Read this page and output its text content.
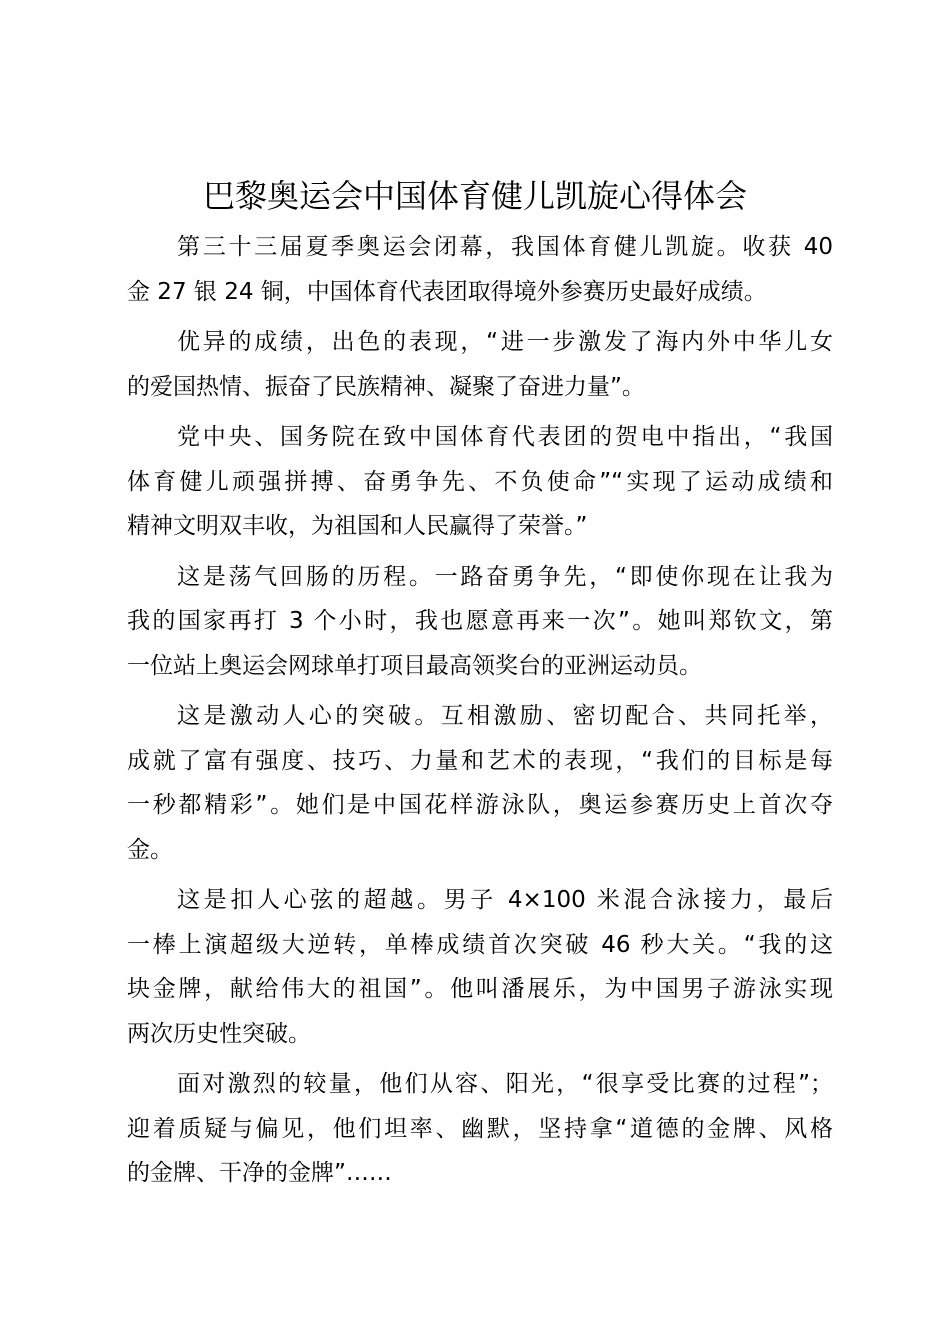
巴黎奥运会中国体育健儿凯旋心得体会

第三十三届夏季奥运会闭幕，我国体育健儿凯旋。收获 40
金 27 银 24 铜，中国体育代表团取得境外参赛历史最好成绩。

优异的成绩，出色的表现，“进一步激发了海内外中华儿女
的爱国热情、振奋了民族精神、凝聚了奋进力量”。

党中央、国务院在致中国体育代表团的贺电中指出，“我国
体育健儿顽强拼搏、奋勇争先、不负使命”“实现了运动成绩和
精神文明双丰收，为祖国和人民赢得了荣誉。”

这是荡气回肠的历程。一路奋勇争先，“即使你现在让我为
我的国家再打 3 个小时，我也愿意再来一次”。她叫郑钦文，第
一位站上奥运会网球单打项目最高领奖台的亚洲运动员。

这是激动人心的突破。互相激励、密切配合、共同托举，
成就了富有强度、技巧、力量和艺术的表现，“我们的目标是每
一秒都精彩”。她们是中国花样游泳队，奥运参赛历史上首次夺
金。

这是扣人心弦的超越。男子 4×100 米混合泳接力，最后
一棒上演超级大逆转，单棒成绩首次突破 46 秒大关。“我的这
块金牌，献给伟大的祖国”。他叫潘展乐，为中国男子游泳实现
两次历史性突破。

面对激烈的较量，他们从容、阳光，“很享受比赛的过程”；
迎着质疑与偏见，他们坦率、幽默，坚持拿“道德的金牌、风格
的金牌、干净的金牌”……
